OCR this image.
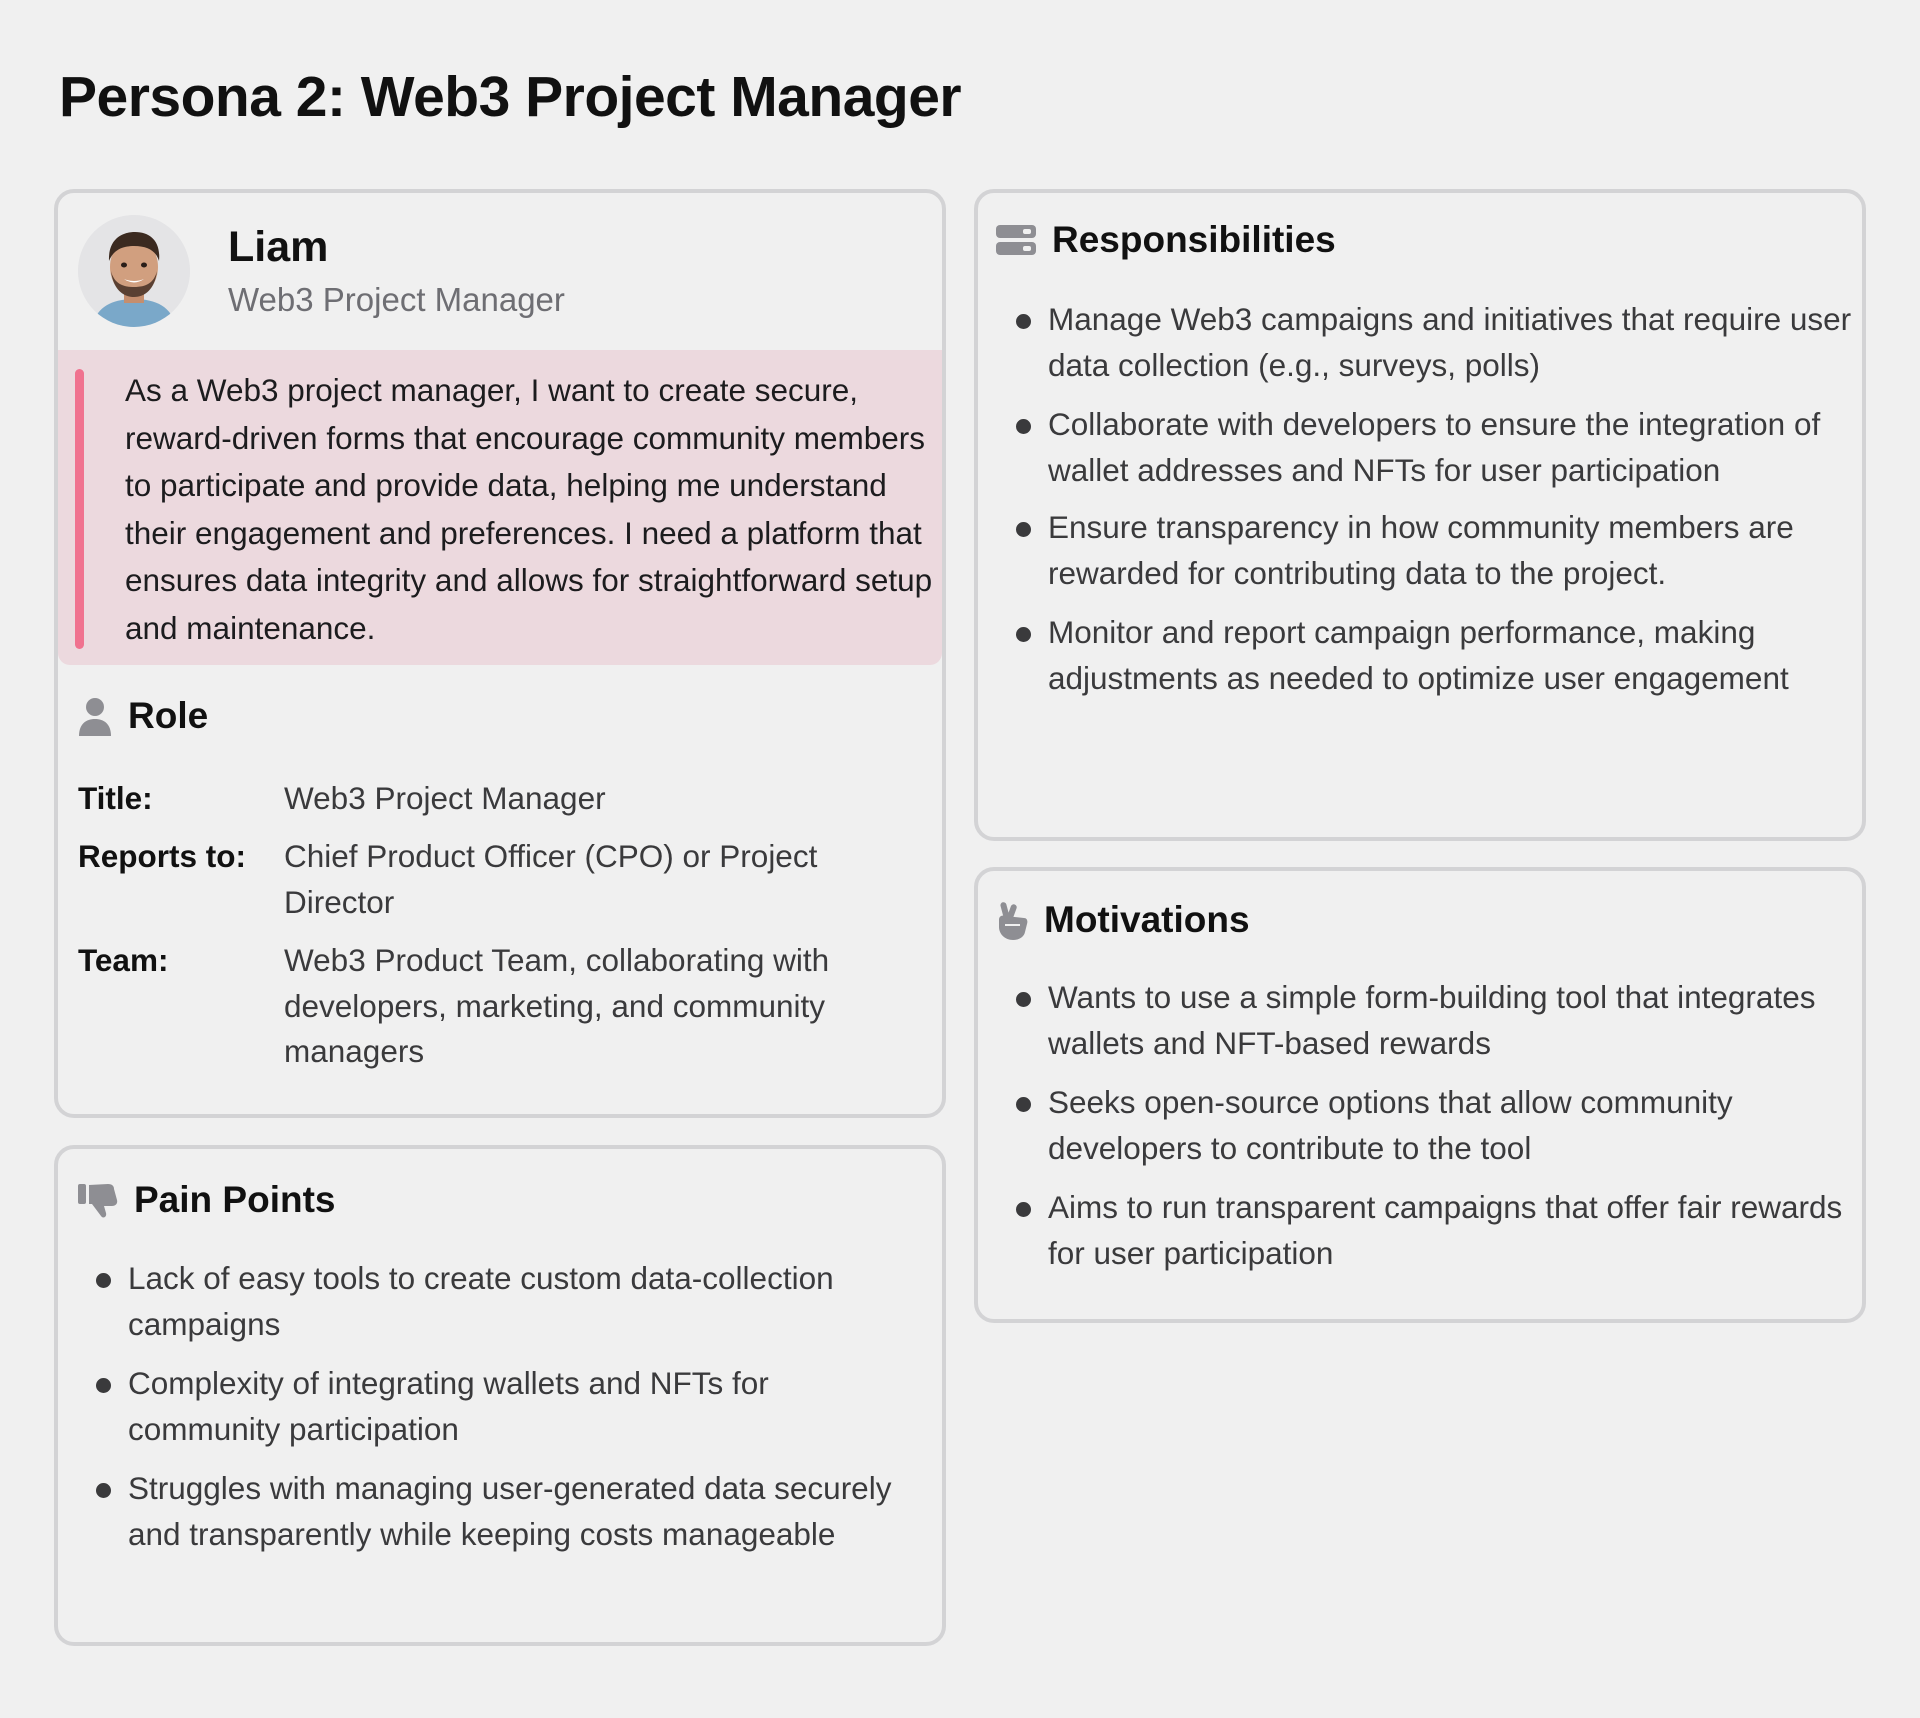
Persona 2: Web3 Project Manager
Liam
Web3 Project Manager

As a Web3 project manager, I want to create secure, reward-driven forms that encourage community members to participate and provide data, helping me understand their engagement and preferences. I need a platform that ensures data integrity and allows for straightforward setup and maintenance.

Role
Title:	Web3 Project Manager
Reports to:	Chief Product Officer (CPO) or Project Director
Team:	Web3 Product Team, collaborating with developers, marketing, and community managers
Pain Points
Lack of easy tools to create custom data-collection campaigns
Complexity of integrating wallets and NFTs for community participation
Struggles with managing user-generated data securely and transparently while keeping costs manageable
Responsibilities
Manage Web3 campaigns and initiatives that require user data collection (e.g., surveys, polls)
Collaborate with developers to ensure the integration of wallet addresses and NFTs for user participation
Ensure transparency in how community members are rewarded for contributing data to the project.
Monitor and report campaign performance, making adjustments as needed to optimize user engagement
Motivations
Wants to use a simple form-building tool that integrates wallets and NFT-based rewards
Seeks open-source options that allow community developers to contribute to the tool
Aims to run transparent campaigns that offer fair rewards for user participation
